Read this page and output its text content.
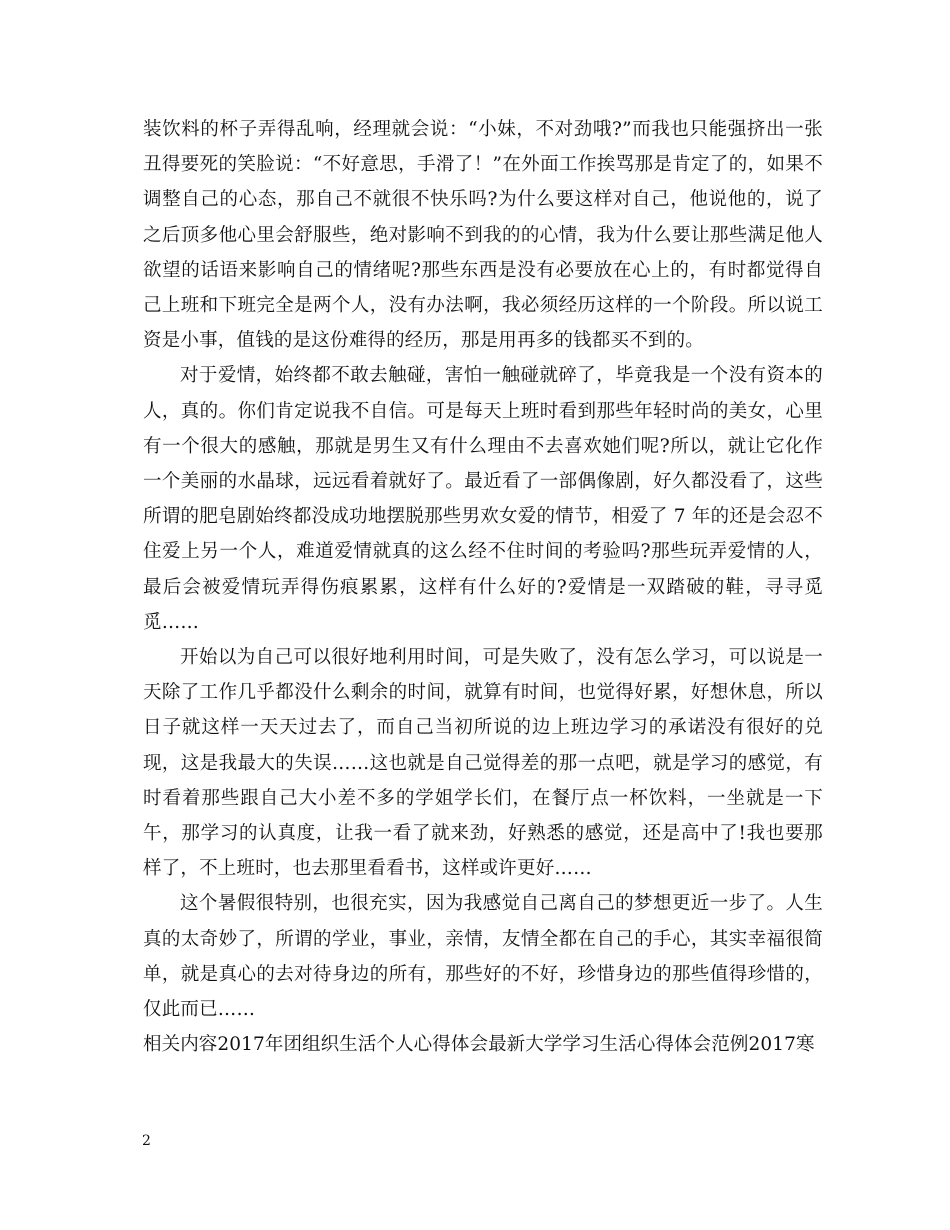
装饮料的杯子弄得乱响，经理就会说：“小妹，不对劲哦?”而我也只能强挤出一张丑得要死的笑脸说：“不好意思，手滑了！”在外面工作挨骂那是肯定了的，如果不调整自己的心态，那自己不就很不快乐吗?为什么要这样对自己，他说他的，说了之后顶多他心里会舒服些，绝对影响不到我的的心情，我为什么要让那些满足他人欲望的话语来影响自己的情绪呢?那些东西是没有必要放在心上的，有时都觉得自己上班和下班完全是两个人，没有办法啊，我必须经历这样的一个阶段。所以说工资是小事，值钱的是这份难得的经历，那是用再多的钱都买不到的。

对于爱情，始终都不敢去触碰，害怕一触碰就碎了，毕竟我是一个没有资本的人，真的。你们肯定说我不自信。可是每天上班时看到那些年轻时尚的美女，心里有一个很大的感触，那就是男生又有什么理由不去喜欢她们呢?所以，就让它化作一个美丽的水晶球，远远看着就好了。最近看了一部偶像剧，好久都没看了，这些所谓的肥皂剧始终都没成功地摆脱那些男欢女爱的情节，相爱了 7 年的还是会忍不住爱上另一个人，难道爱情就真的这么经不住时间的考验吗?那些玩弄爱情的人，最后会被爱情玩弄得伤痕累累，这样有什么好的?爱情是一双踏破的鞋，寻寻觅觅……

开始以为自己可以很好地利用时间，可是失败了，没有怎么学习，可以说是一天除了工作几乎都没什么剩余的时间，就算有时间，也觉得好累，好想休息，所以日子就这样一天天过去了，而自己当初所说的边上班边学习的承诺没有很好的兑现，这是我最大的失误……这也就是自己觉得差的那一点吧，就是学习的感觉，有时看着那些跟自己大小差不多的学姐学长们，在餐厅点一杯饮料，一坐就是一下午，那学习的认真度，让我一看了就来劲，好熟悉的感觉，还是高中了!我也要那样了，不上班时，也去那里看看书，这样或许更好……

这个暑假很特别，也很充实，因为我感觉自己离自己的梦想更近一步了。人生真的太奇妙了，所谓的学业，事业，亲情，友情全都在自己的手心，其实幸福很简单，就是真心的去对待身边的所有，那些好的不好，珍惜身边的那些值得珍惜的，仅此而已……

相关内容2017年团组织生活个人心得体会最新大学学习生活心得体会范例2017寒

2
